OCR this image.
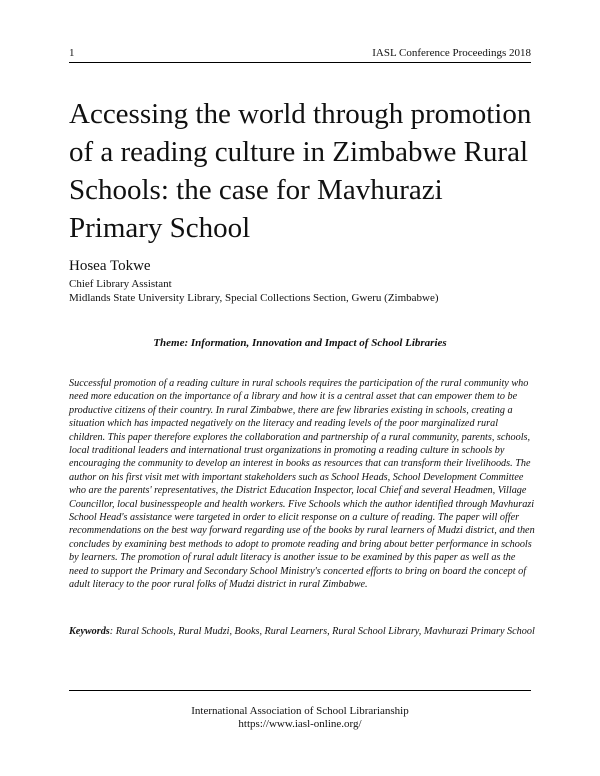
1	IASL Conference Proceedings 2018
Accessing the world through promotion of a reading culture in Zimbabwe Rural Schools: the case for Mavhurazi Primary School
Hosea Tokwe
Chief Library Assistant
Midlands State University Library, Special Collections Section, Gweru (Zimbabwe)
Theme: Information, Innovation and Impact of School Libraries

Successful promotion of a reading culture in rural schools requires the participation of the rural community who need more education on the importance of a library and how it is a central asset that can empower them to be productive citizens of their country. In rural Zimbabwe, there are few libraries existing in schools, creating a situation which has impacted negatively on the literacy and reading levels of the poor marginalized rural children. This paper therefore explores the collaboration and partnership of a rural community, parents, schools, local traditional leaders and international trust organizations in promoting a reading culture in schools by encouraging the community to develop an interest in books as resources that can transform their livelihoods. The author on his first visit met with important stakeholders such as School Heads, School Development Committee who are the parents' representatives, the District Education Inspector, local Chief and several Headmen, Village Councillor, local businesspeople and health workers. Five Schools which the author identified through Mavhurazi School Head's assistance were targeted in order to elicit response on a culture of reading. The paper will offer recommendations on the best way forward regarding use of the books by rural learners of Mudzi district, and then concludes by examining best methods to adopt to promote reading and bring about better performance in schools by learners. The promotion of rural adult literacy is another issue to be examined by this paper as well as the need to support the Primary and Secondary School Ministry's concerted efforts to bring on board the concept of adult literacy to the poor rural folks of Mudzi district in rural Zimbabwe.

Keywords: Rural Schools, Rural Mudzi, Books, Rural Learners, Rural School Library, Mavhurazi Primary School
International Association of School Librarianship
https://www.iasl-online.org/
